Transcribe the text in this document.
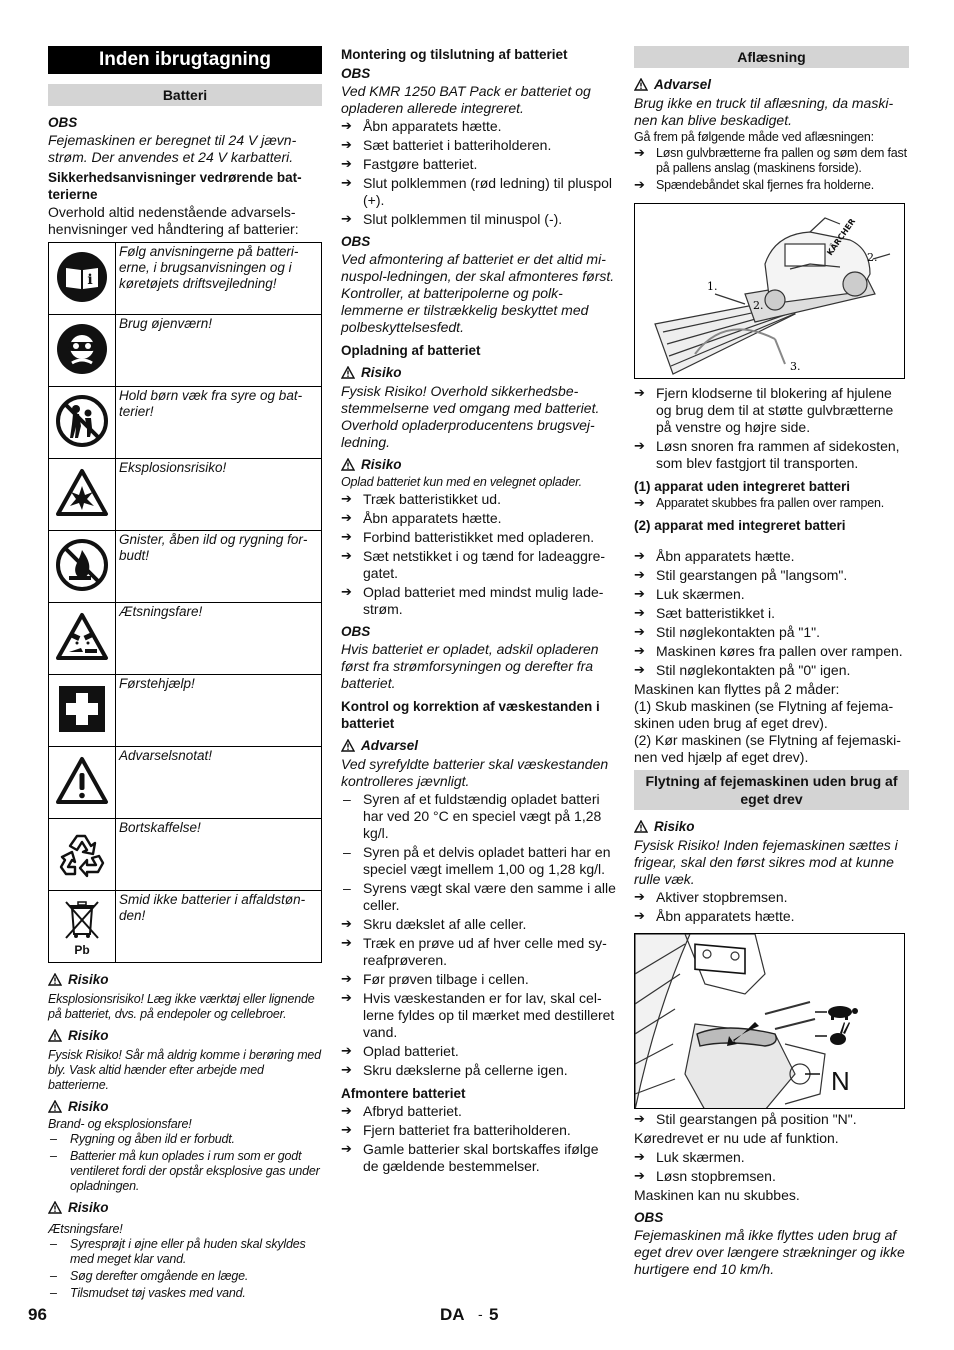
Inden ibrugtagning
Batteri
OBS
Fejemaskinen er beregnet til 24 V jævnstrøm. Der anvendes et 24 V karbatteri.
Sikkerhedsanvisninger vedrørende batterierne
Overhold altid nedenstående advarselshenvisninger ved håndtering af batterier:
i	Følg anvisningerne på batterierne, i brugsanvisningen og i køretøjets driftsvejledning!
	Brug øjenværn!
	Hold børn væk fra syre og batterier!
	Eksplosionsrisiko!
	Gnister, åben ild og rygning forbudt!
	Ætsningsfare!
	Førstehjælp!
	Advarselsnotat!
	Bortskaffelse!

Pb	Smid ikke batterier i affaldstønden!
Risiko
Eksplosionsrisiko! Læg ikke værktøj eller lignende på batteriet, dvs. på endepoler og cellebroer.
Risiko
Fysisk Risiko! Sår må aldrig komme i berøring med bly. Vask altid hænder efter arbejde med batterierne.
Risiko
Brand- og eksplosionsfare!
– Rygning og åben ild er forbudt.
– Batterier må kun oplades i rum som er godt ventileret fordi der opstår eksplosive gas under opladningen.
Risiko
Ætsningsfare!
– Syresprøjt i øjne eller på huden skal skyldes med meget klar vand.
– Søg derefter omgående en læge.
– Tilsmudset tøj vaskes med vand.
Montering og tilslutning af batteriet
OBS
Ved KMR 1250 BAT Pack er batteriet og opladeren allerede integreret.
➔ Åbn apparatets hætte.
➔ Sæt batteriet i batteriholderen.
➔ Fastgøre batteriet.
➔ Slut polklemmen (rød ledning) til pluspol (+).
➔ Slut polklemmen til minuspol (-).
OBS
Ved afmontering af batteriet er det altid minuspol-ledningen, der skal afmonteres først. Kontroller, at batteripolerne og polklemmerne er tilstrækkelig beskyttet med polbeskyttelsesfedt.
Opladning af batteriet
Risiko
Fysisk Risiko! Overhold sikkerhedsbestemmelserne ved omgang med batteriet. Overhold opladerproducentens brugsvejledning.
Risiko
Oplad batteriet kun med en velegnet oplader.
➔ Træk batteristikket ud.
➔ Åbn apparatets hætte.
➔ Forbind batteristikket med opladeren.
➔ Sæt netstikket i og tænd for ladeaggregatet.
➔ Oplad batteriet med mindst mulig ladestrøm.
OBS
Hvis batteriet er opladet, adskil opladeren først fra strømforsyningen og derefter fra batteriet.
Kontrol og korrektion af væskestanden i batteriet
Advarsel
Ved syrefyldte batterier skal væskestanden kontrolleres jævnligt.
– Syren af et fuldstændig opladet batteri har ved 20 °C en speciel vægt på 1,28 kg/l.
– Syren på et delvis opladet batteri har en speciel vægt imellem 1,00 og 1,28 kg/l.
– Syrens vægt skal være den samme i alle celler.
➔ Skru dækslet af alle celler.
➔ Træk en prøve ud af hver celle med syreafprøveren.
➔ Før prøven tilbage i cellen.
➔ Hvis væskestanden er for lav, skal cellerne fyldes op til mærket med destilleret vand.
➔ Oplad batteriet.
➔ Skru dækslerne på cellerne igen.
Afmontere batteriet
➔ Afbryd batteriet.
➔ Fjern batteriet fra batteriholderen.
➔ Gamle batterier skal bortskaffes ifølge de gældende bestemmelser.
Aflæsning
Advarsel
Brug ikke en truck til aflæsning, da maskinen kan blive beskadiget.
Gå frem på følgende måde ved aflæsningen:
➔ Løsn gulvbrætterne fra pallen og søm dem fast på pallens anslag (maskinens forside).
➔ Spændebåndet skal fjernes fra holderne.
KÄRCHER
1.
2.
2.
3.
➔ Fjern klodserne til blokering af hjulene og brug dem til at støtte gulvbrætterne på venstre og højre side.
➔ Løsn snoren fra rammen af sidekosten, som blev fastgjort til transporten.
(1) apparat uden integreret batteri
➔ Apparatet skubbes fra pallen over rampen.
(2) apparat med integreret batteri
➔ Åbn apparatets hætte.
➔ Stil gearstangen på "langsom".
➔ Luk skærmen.
➔ Sæt batteristikket i.
➔ Stil nøglekontakten på "1".
➔ Maskinen køres fra pallen over rampen.
➔ Stil nøglekontakten på "0" igen.
Maskinen kan flyttes på 2 måder:
(1) Skub maskinen (se Flytning af fejemaskinen uden brug af eget drev).
(2) Kør maskinen (se Flytning af fejemaskinen ved hjælp af eget drev).
Flytning af fejemaskinen uden brug af eget drev
Risiko
Fysisk Risiko! Inden fejemaskinen sættes i frigear, skal den først sikres mod at kunne rulle væk.
➔ Aktiver stopbremsen.
➔ Åbn apparatets hætte.
N
➔ Stil gearstangen på position "N".
Køredrevet er nu ude af funktion.
➔ Luk skærmen.
➔ Løsn stopbremsen.
Maskinen kan nu skubbes.
OBS
Fejemaskinen må ikke flyttes uden brug af eget drev over længere strækninger og ikke hurtigere end 10 km/h.
96	DA - 5
